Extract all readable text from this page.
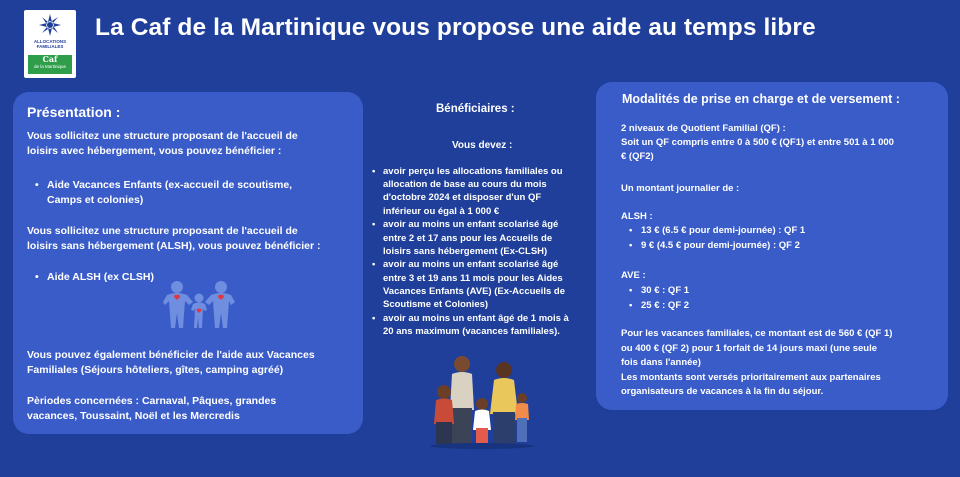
ALLOCATIONS
FAMILIALES
Caf
de la Martinique
La Caf de la Martinique vous propose une aide au temps libre
Présentation :
Vous sollicitez une structure proposant de l'accueil de
loisirs avec hébergement, vous pouvez bénéficier :
• Aide Vacances Enfants (ex-accueil de scoutisme,
Camps et colonies)
Vous sollicitez une structure proposant de l'accueil de
loisirs sans hébergement (ALSH), vous pouvez bénéficier :
• Aide ALSH (ex CLSH)
Vous pouvez également bénéficier de l'aide aux Vacances
Familiales (Séjours hôteliers, gîtes, camping agréé)
Pèriodes concernées : Carnaval, Pâques, grandes
vacances, Toussaint, Noël et les Mercredis
Bénéficiaires :
Vous devez :
• avoir perçu les allocations familiales ou
allocation de base au cours du mois
d'octobre 2024 et disposer d'un QF
inférieur ou égal à 1 000 €
• avoir au moins un enfant scolarisé âgé
entre 2 et 17 ans pour les Accueils de
loisirs sans hébergement (Ex-CLSH)
• avoir au moins un enfant scolarisé âgé
entre 3 et 19 ans 11 mois pour les Aides
Vacances Enfants (AVE) (Ex-Accueils de
Scoutisme et Colonies)
• avoir au moins un enfant âgé de 1 mois à
20 ans maximum (vacances familiales).
Modalités de prise en charge et de versement :
2 niveaux de Quotient Familial (QF) :
Soit un QF compris entre 0 à 500 € (QF1) et entre 501 à 1 000
€ (QF2)
Un montant journalier de :
ALSH :
• 13 € (6.5 € pour demi-journée) : QF 1
• 9 € (4.5 € pour demi-journée) : QF 2
AVE :
• 30 € : QF 1
• 25 € : QF 2
Pour les vacances familiales, ce montant est de 560 € (QF 1)
ou 400 € (QF 2) pour 1 forfait de 14 jours maxi (une seule
fois dans l'année)
Les montants sont versés prioritairement aux partenaires
organisateurs de vacances à la fin du séjour.
